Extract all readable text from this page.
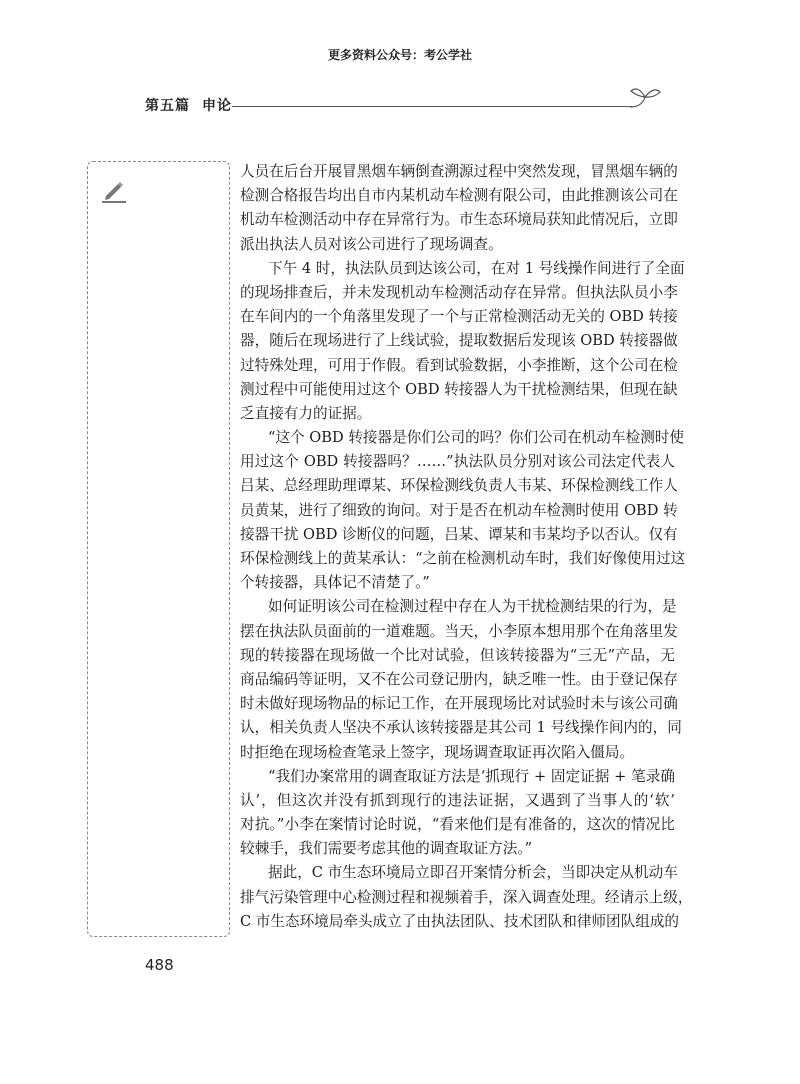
更多资料公众号：考公学社
第五篇 申论
人员在后台开展冒黑烟车辆倒查溯源过程中突然发现，冒黑烟车辆的
检测合格报告均出自市内某机动车检测有限公司，由此推测该公司在
机动车检测活动中存在异常行为。市生态环境局获知此情况后，立即
派出执法人员对该公司进行了现场调查。
下午 4 时，执法队员到达该公司，在对 1 号线操作间进行了全面
的现场排查后，并未发现机动车检测活动存在异常。但执法队员小李
在车间内的一个角落里发现了一个与正常检测活动无关的 OBD 转接
器，随后在现场进行了上线试验，提取数据后发现该 OBD 转接器做
过特殊处理，可用于作假。看到试验数据，小李推断，这个公司在检
测过程中可能使用过这个 OBD 转接器人为干扰检测结果，但现在缺
乏直接有力的证据。
“这个 OBD 转接器是你们公司的吗？你们公司在机动车检测时使
用过这个 OBD 转接器吗？……”执法队员分别对该公司法定代表人
吕某、总经理助理谭某、环保检测线负责人韦某、环保检测线工作人
员黄某，进行了细致的询问。对于是否在机动车检测时使用 OBD 转
接器干扰 OBD 诊断仪的问题，吕某、谭某和韦某均予以否认。仅有
环保检测线上的黄某承认：“之前在检测机动车时，我们好像使用过这
个转接器，具体记不清楚了。”
如何证明该公司在检测过程中存在人为干扰检测结果的行为，是
摆在执法队员面前的一道难题。当天，小李原本想用那个在角落里发
现的转接器在现场做一个比对试验，但该转接器为“三无”产品，无
商品编码等证明，又不在公司登记册内，缺乏唯一性。由于登记保存
时未做好现场物品的标记工作，在开展现场比对试验时未与该公司确
认，相关负责人坚决不承认该转接器是其公司 1 号线操作间内的，同
时拒绝在现场检查笔录上签字，现场调查取证再次陷入僵局。
“我们办案常用的调查取证方法是‘抓现行 + 固定证据 + 笔录确
认’，但这次并没有抓到现行的违法证据，又遇到了当事人的‘软’
对抗。”小李在案情讨论时说，“看来他们是有准备的，这次的情况比
较棘手，我们需要考虑其他的调查取证方法。”
据此，C 市生态环境局立即召开案情分析会，当即决定从机动车
排气污染管理中心检测过程和视频着手，深入调查处理。经请示上级，
C 市生态环境局牵头成立了由执法团队、技术团队和律师团队组成的
488
